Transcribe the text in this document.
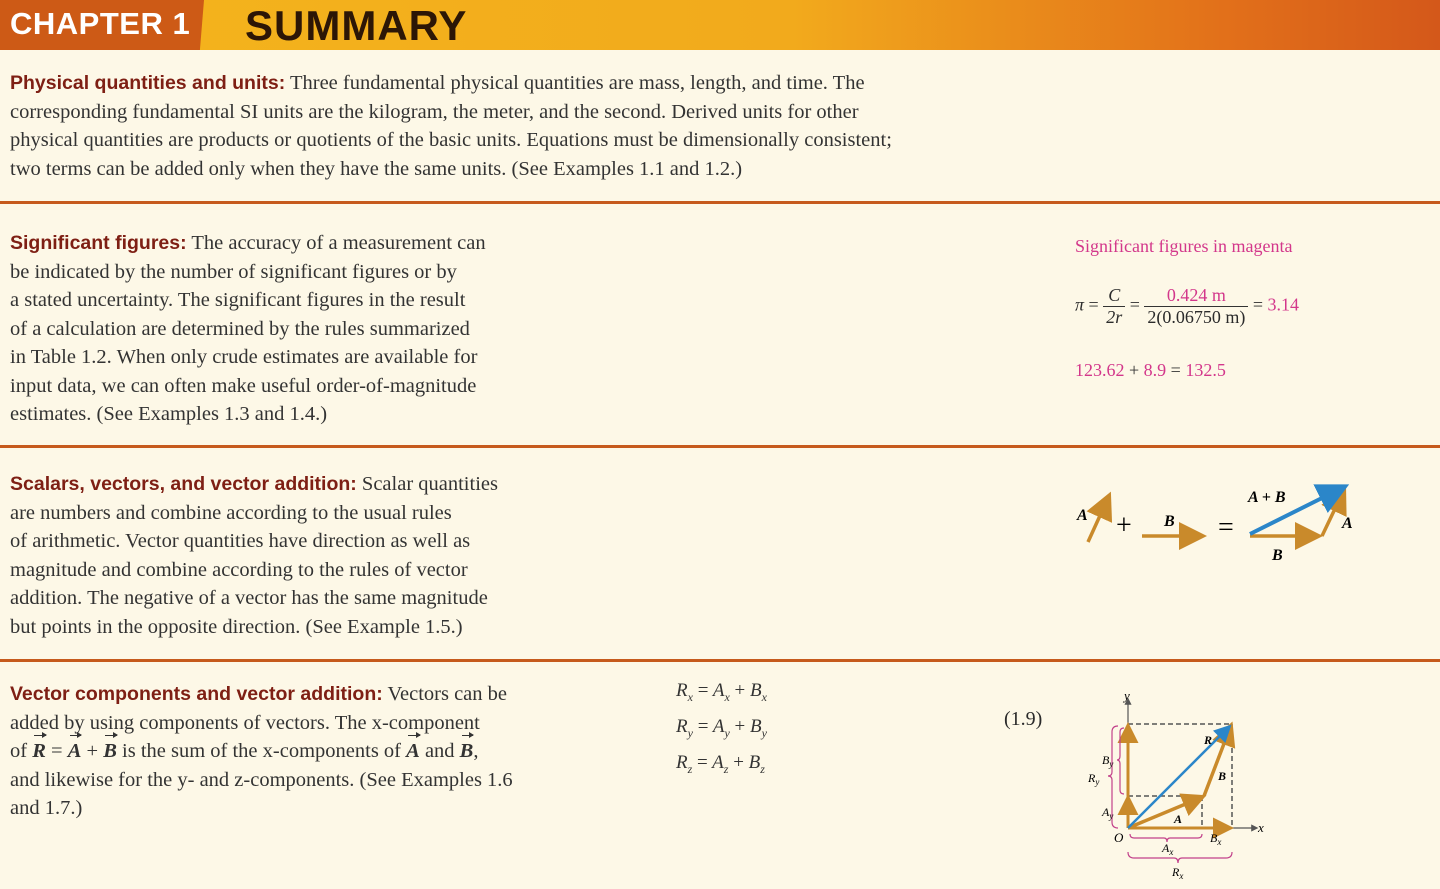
CHAPTER 1 SUMMARY
Physical quantities and units: Three fundamental physical quantities are mass, length, and time. The
corresponding fundamental SI units are the kilogram, the meter, and the second. Derived units for other
physical quantities are products or quotients of the basic units. Equations must be dimensionally consistent;
two terms can be added only when they have the same units. (See Examples 1.1 and 1.2.)
Significant figures: The accuracy of a measurement can
be indicated by the number of significant figures or by
a stated uncertainty. The significant figures in the result
of a calculation are determined by the rules summarized
in Table 1.2. When only crude estimates are available for
input data, we can often make useful order-of-magnitude
estimates. (See Examples 1.3 and 1.4.)
Significant figures in magenta
$\pi = \frac{C}{2r} = \frac{0.424 m}{2(0.06750 m)} = 3.14$
123.62 + 8.9 = 132.5
Scalars, vectors, and vector addition: Scalar quantities
are numbers and combine according to the usual rules
of arithmetic. Vector quantities have direction as well as
magnitude and combine according to the rules of vector
addition. The negative of a vector has the same magnitude
but points in the opposite direction. (See Example 1.5.)
A + B =
A + B
B
A
Vector components and vector addition: Vectors can be
added by using components of vectors. The x-component
of R = A + B is the sum of the x-components of A and B,
and likewise for the y- and z-components. (See Examples 1.6
and 1.7.)
$R_x = A_x + B_x$
$R_y = A_y + B_y$
$R_z = A_z + B_z$
(1.9)
y
x
O
R
A
B
$R_y$
$B_y$
$A_y$
$A_x$
$B_x$
$R_x$
